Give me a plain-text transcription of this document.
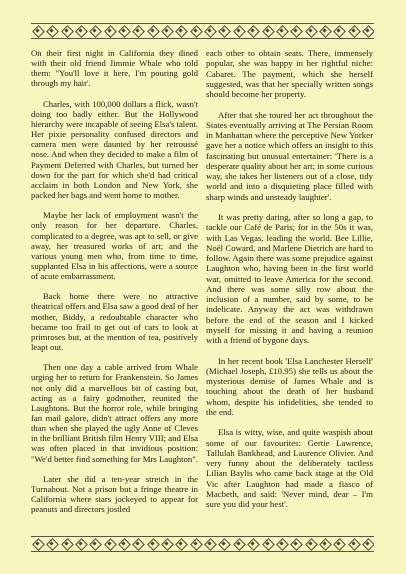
On their first night in California they dined with their old friend Jimmie Whale who told them: "You'll love it here, I'm pouring gold through my hair'.

Charles, with 100,000 dollars a flick, wasn't doing too badly either. But the Hollywood hierarchy were incapable of seeing Elsa's talent. Her pixie personality confused directors and camera men were daunted by her retroussé nose. And when they decided to make a film of Payment Deferred with Charles, but turned her down for the part for which she'd had critical acclaim in both London and New York, she packed her bags and went home to mother.

Maybe her lack of employment wasn't the only reason for her departure. Charles, complicated to a degree, was apt to sell, or give away, her treasured works of art; and the various young men who, from time to time, supplanted Elsa in his affections, were a source of acute embarrassment.

Back home there were no attractive theatrical offers and Elsa saw a good deal of her mother, Biddy, a redoubtable character who became too frail to get out of cars to look at primroses but, at the mention of tea, positively leapt out.

Then one day a cable arrived from Whale urging her to return for Frankenstein. So James not only did a marvellous bit of casting but, acting as a fairy godmother, reunited the Laughtons. But the horror role, while bringing fan mail galore, didn't attract offers any more than when she played the ugly Anne of Cleves in the brilliant British film Henry VIII; and Elsa was often placed in that invidious position: "We'd better find something for Mrs Laughton".

Later she did a ten-year stretch in the Turnabout. Not a prison but a fringe theatre in California where stars jockeyed to appear for peanuts and directors jostled

each other to obtain seats. There, immensely popular, she was happy in her rightful niche: Cabaret. The payment, which she herself suggested, was that her specially written songs should become her property.

After that she toured her act throughout the States eventually arriving at The Persian Room in Manhattan where the perceptive New Yorker gave her a notice which offers an insight to this fascinating but unusual entertainer: 'There is a desperate quality about her art; in some curious way, she takes her listeners out of a close, tidy world and into a disquieting place filled with sharp winds and unsteady laughter'.

It was pretty daring, after so long a gap, to tackle our Café de Paris; for in the 50s it was, with Las Vegas, leading the world. Bee Lillie, Noël Coward, and Marlene Dietrich are hard to follow. Again there was some prejudice against Laughton who, having been in the first world war, omitted to leave America for the second. And there was some silly row about the inclusion of a number, said by some, to be indelicate. Anyway the act was withdrawn before the end of the season and I kicked myself for missing it and having a reunion with a friend of bygone days.

In her recent book 'Elsa Lanchester Herself' (Michael Joseph, £10.95) she tells us about the mysterious demise of James Whale and is touching about the death of her husband whom, despite his infidelities, she tended to the end.

Elsa is witty, wise, and quite waspish about some of our favourites: Gertie Lawrence, Tallulah Bankhead, and Laurence Olivier. And very funny about the deliberately tactless Lilian Baylis who came back stage at the Old Vic after Laughton had made a fiasco of Macbeth, and said: 'Never mind, dear – I'm sure you did your best'.
